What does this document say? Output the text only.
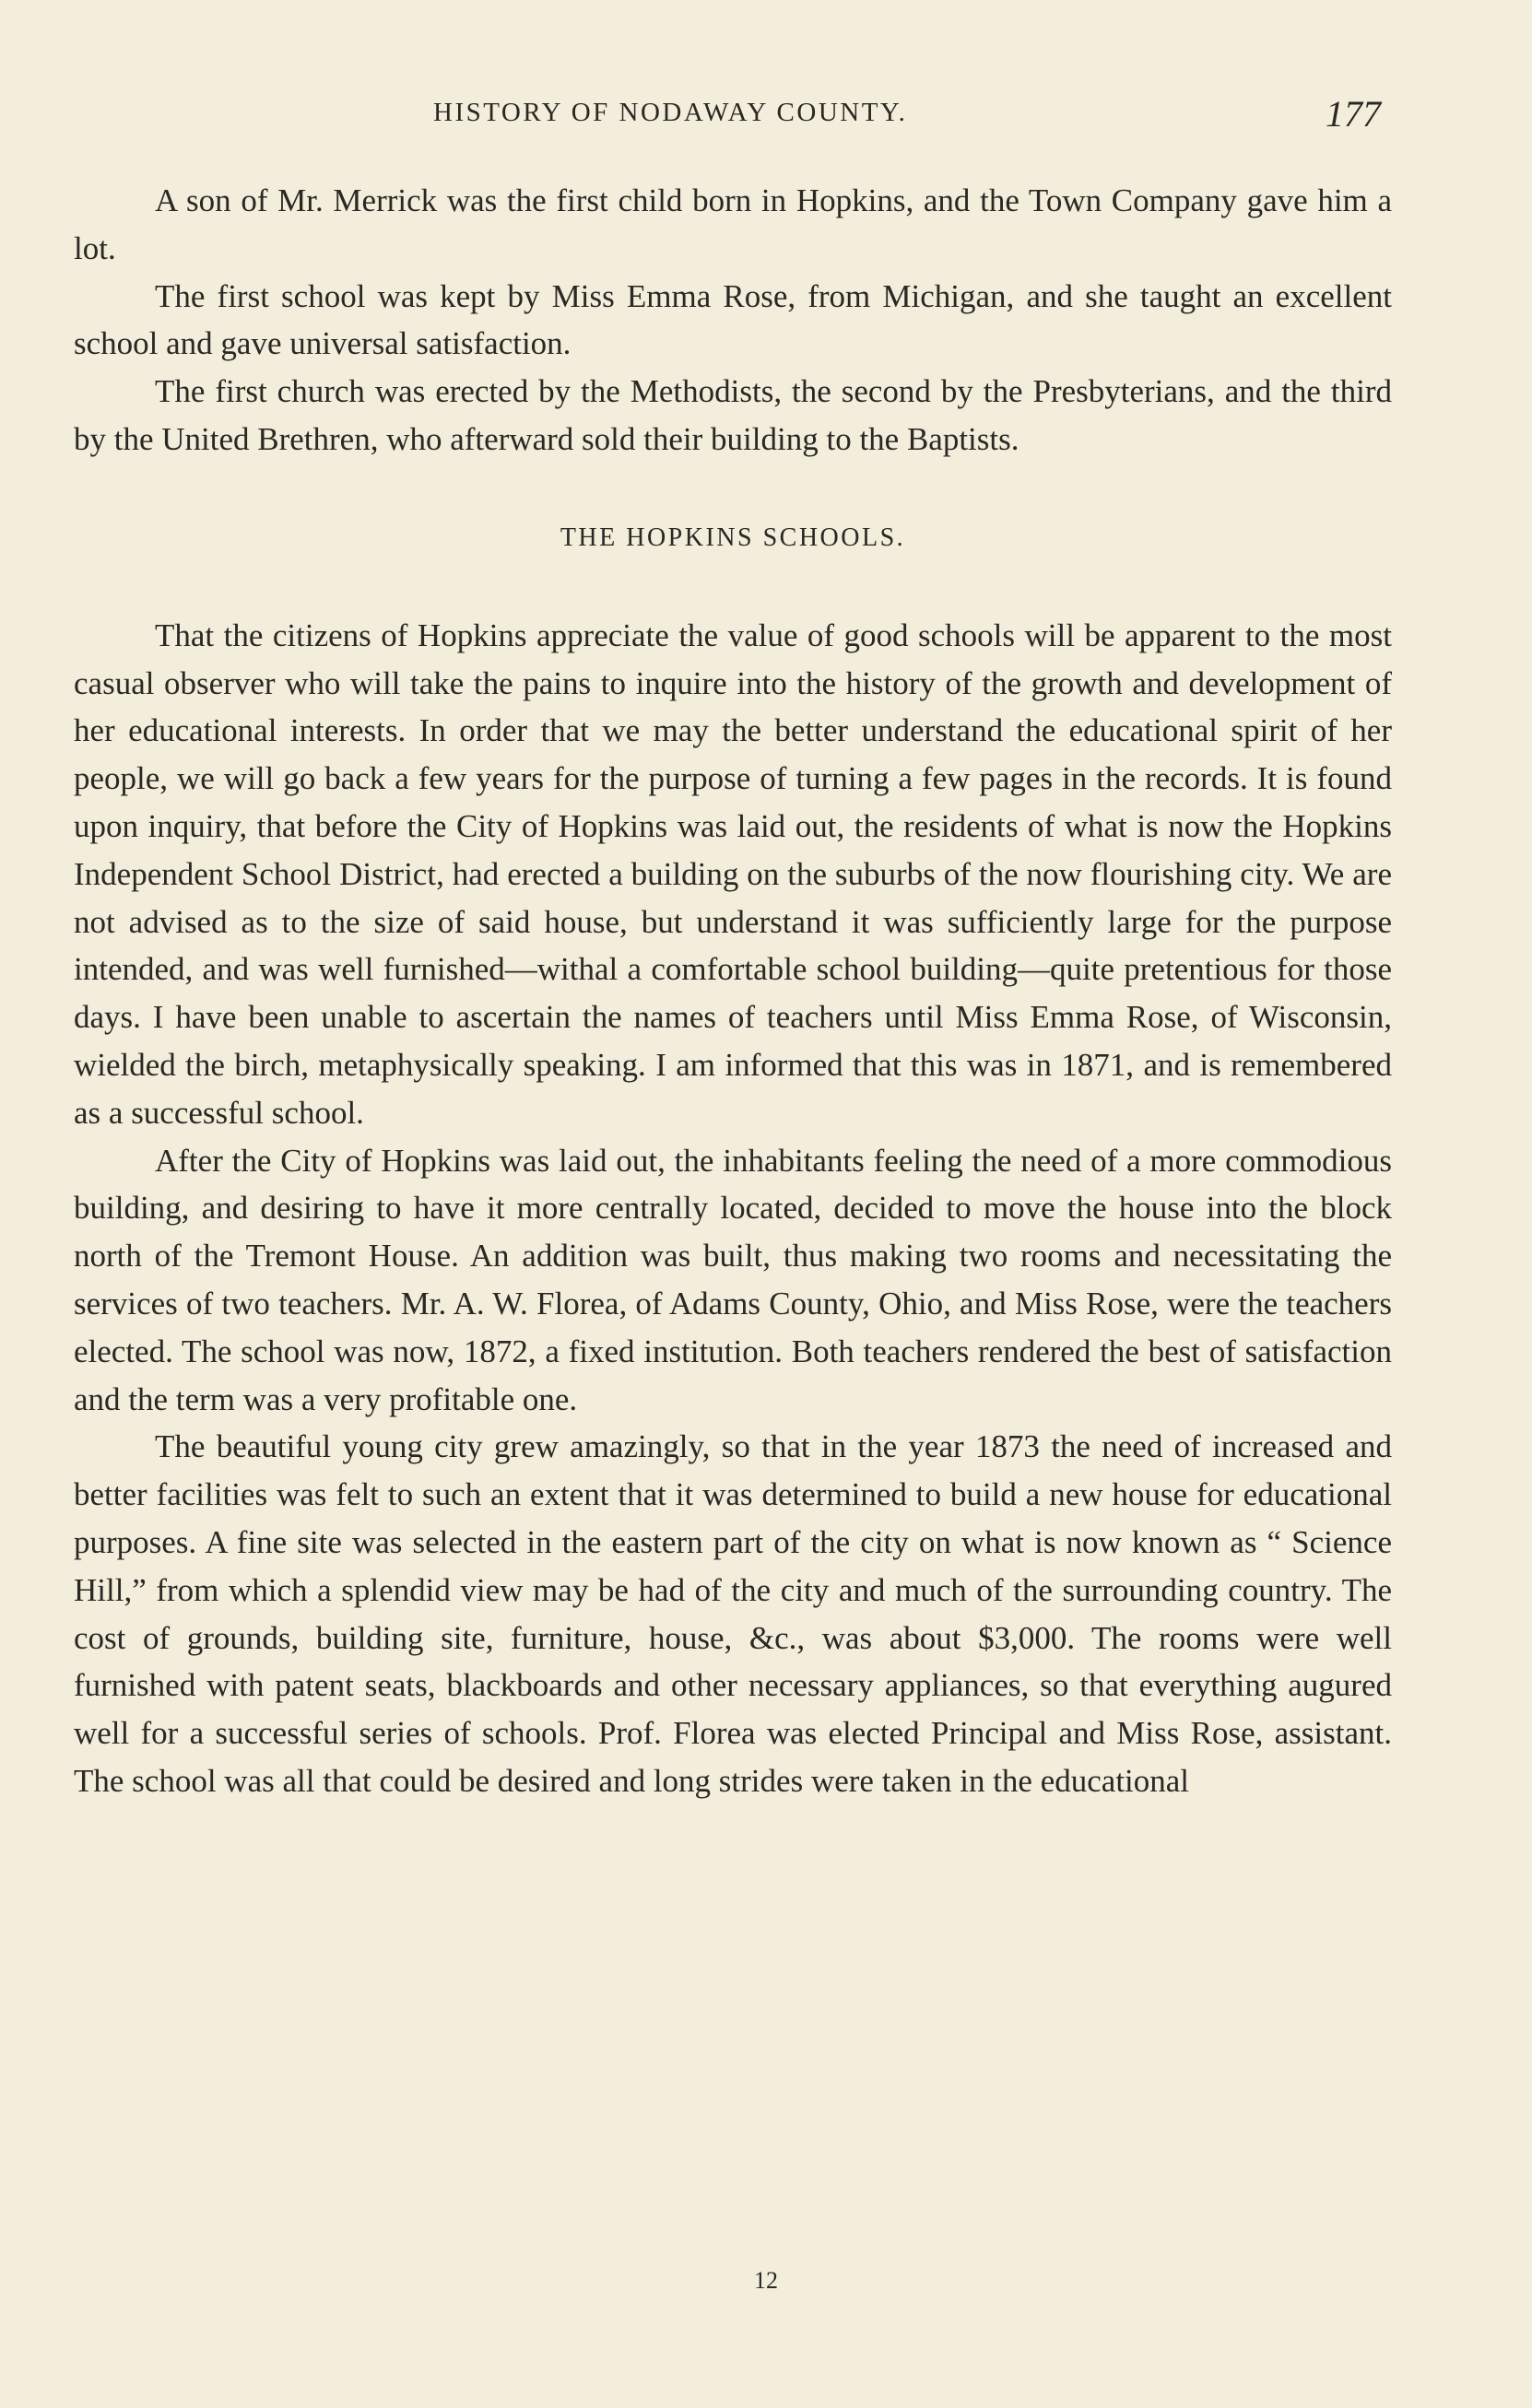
HISTORY OF NODAWAY COUNTY.	177

A son of Mr. Merrick was the first child born in Hopkins, and the Town Company gave him a lot.

The first school was kept by Miss Emma Rose, from Michigan, and she taught an excellent school and gave universal satisfaction.

The first church was erected by the Methodists, the second by the Presbyterians, and the third by the United Brethren, who afterward sold their building to the Baptists.

THE HOPKINS SCHOOLS.

That the citizens of Hopkins appreciate the value of good schools will be apparent to the most casual observer who will take the pains to inquire into the history of the growth and development of her educational interests. In order that we may the better understand the educational spirit of her people, we will go back a few years for the purpose of turning a few pages in the records. It is found upon inquiry, that before the City of Hopkins was laid out, the residents of what is now the Hopkins Independent School District, had erected a building on the suburbs of the now flourishing city. We are not advised as to the size of said house, but understand it was sufficiently large for the purpose intended, and was well furnished—withal a comfortable school building—quite pretentious for those days. I have been unable to ascertain the names of teachers until Miss Emma Rose, of Wisconsin, wielded the birch, metaphysically speaking. I am informed that this was in 1871, and is remembered as a successful school.

After the City of Hopkins was laid out, the inhabitants feeling the need of a more commodious building, and desiring to have it more centrally located, decided to move the house into the block north of the Tremont House. An addition was built, thus making two rooms and necessitating the services of two teachers. Mr. A. W. Florea, of Adams County, Ohio, and Miss Rose, were the teachers elected. The school was now, 1872, a fixed institution. Both teachers rendered the best of satisfaction and the term was a very profitable one.

The beautiful young city grew amazingly, so that in the year 1873 the need of increased and better facilities was felt to such an extent that it was determined to build a new house for educational purposes. A fine site was selected in the eastern part of the city on what is now known as “ Science Hill,” from which a splendid view may be had of the city and much of the surrounding country. The cost of grounds, building site, furniture, house, &c., was about $3,000. The rooms were well furnished with patent seats, blackboards and other necessary appliances, so that everything augured well for a successful series of schools. Prof. Florea was elected Principal and Miss Rose, assistant. The school was all that could be desired and long strides were taken in the educational

12
